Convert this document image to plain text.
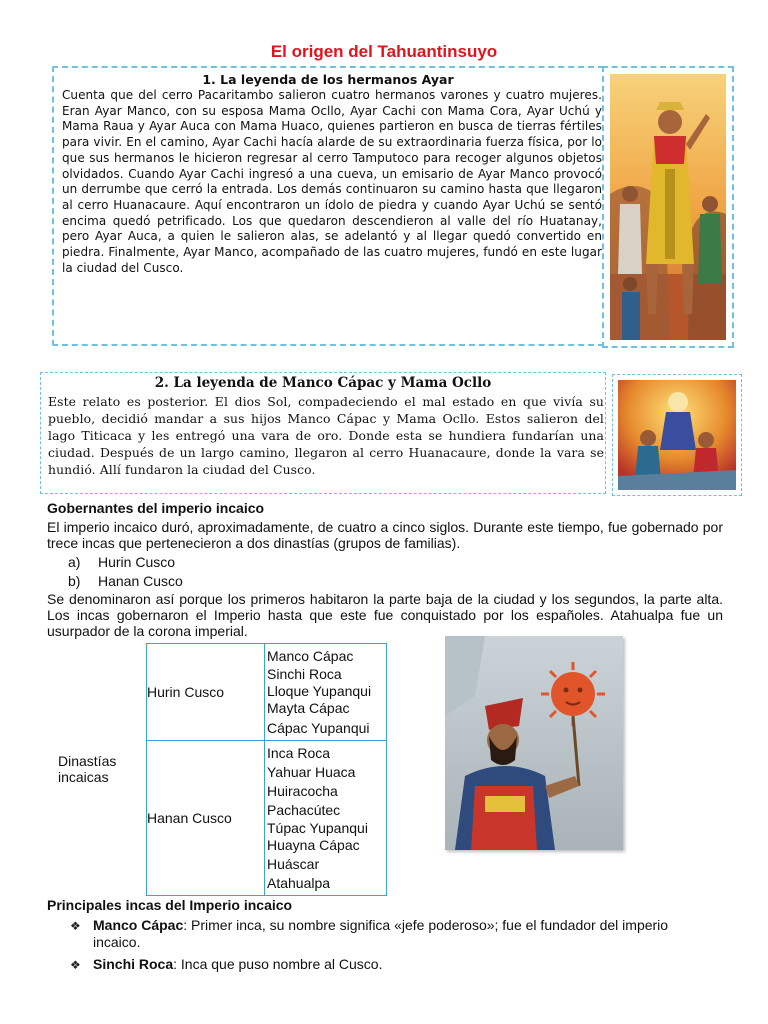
El origen del Tahuantinsuyo
1. La leyenda de los hermanos Ayar

Cuenta que del cerro Pacaritambo salieron cuatro hermanos varones y cuatro mujeres. Eran Ayar Manco, con su esposa Mama Ocllo, Ayar Cachi con Mama Cora, Ayar Uchú y Mama Raua y Ayar Auca con Mama Huaco, quienes partieron en busca de tierras fértiles para vivir. En el camino, Ayar Cachi hacía alarde de su extraordinaria fuerza física, por lo que sus hermanos le hicieron regresar al cerro Tamputoco para recoger algunos objetos olvidados. Cuando Ayar Cachi ingresó a una cueva, un emisario de Ayar Manco provocó un derrumbe que cerró la entrada. Los demás continuaron su camino hasta que llegaron al cerro Huanacaure. Aquí encontraron un ídolo de piedra y cuando Ayar Uchú se sentó encima quedó petrificado. Los que quedaron descendieron al valle del río Huatanay, pero Ayar Auca, a quien le salieron alas, se adelantó y al llegar quedó convertido en piedra. Finalmente, Ayar Manco, acompañado de las cuatro mujeres, fundó en este lugar la ciudad del Cusco.

2. La leyenda de Manco Cápac y Mama Ocllo

Este relato es posterior. El dios Sol, compadeciendo el mal estado en que vivía su pueblo, decidió mandar a sus hijos Manco Cápac y Mama Ocllo. Estos salieron del lago Titicaca y les entregó una vara de oro. Donde esta se hundiera fundarían una ciudad. Después de un largo camino, llegaron al cerro Huanacaure, donde la vara se hundió. Allí fundaron la ciudad del Cusco.

Gobernantes del imperio incaico

El imperio incaico duró, aproximadamente, de cuatro a cinco siglos. Durante este tiempo, fue gobernado por trece incas que pertenecieron a dos dinastías (grupos de familias).

a)	Hurin Cusco
b)	Hanan Cusco

Se denominaron así porque los primeros habitaron la parte baja de la ciudad y los segundos, la parte alta. Los incas gobernaron el Imperio hasta que este fue conquistado por los españoles. Atahualpa fue un usurpador de la corona imperial.

Dinastías incaicas
Hurin Cusco
Hanan Cusco
Manco Cápac
Sinchi Roca
Lloque Yupanqui
Mayta Cápac
Cápac Yupanqui
Inca Roca
Yahuar Huaca
Huiracocha
Pachacútec
Túpac Yupanqui
Huayna Cápac
Huáscar
Atahualpa
Principales incas del Imperio incaico
❖ Manco Cápac: Primer inca, su nombre significa «jefe poderoso»; fue el fundador del imperio incaico.
❖ Sinchi Roca: Inca que puso nombre al Cusco.
